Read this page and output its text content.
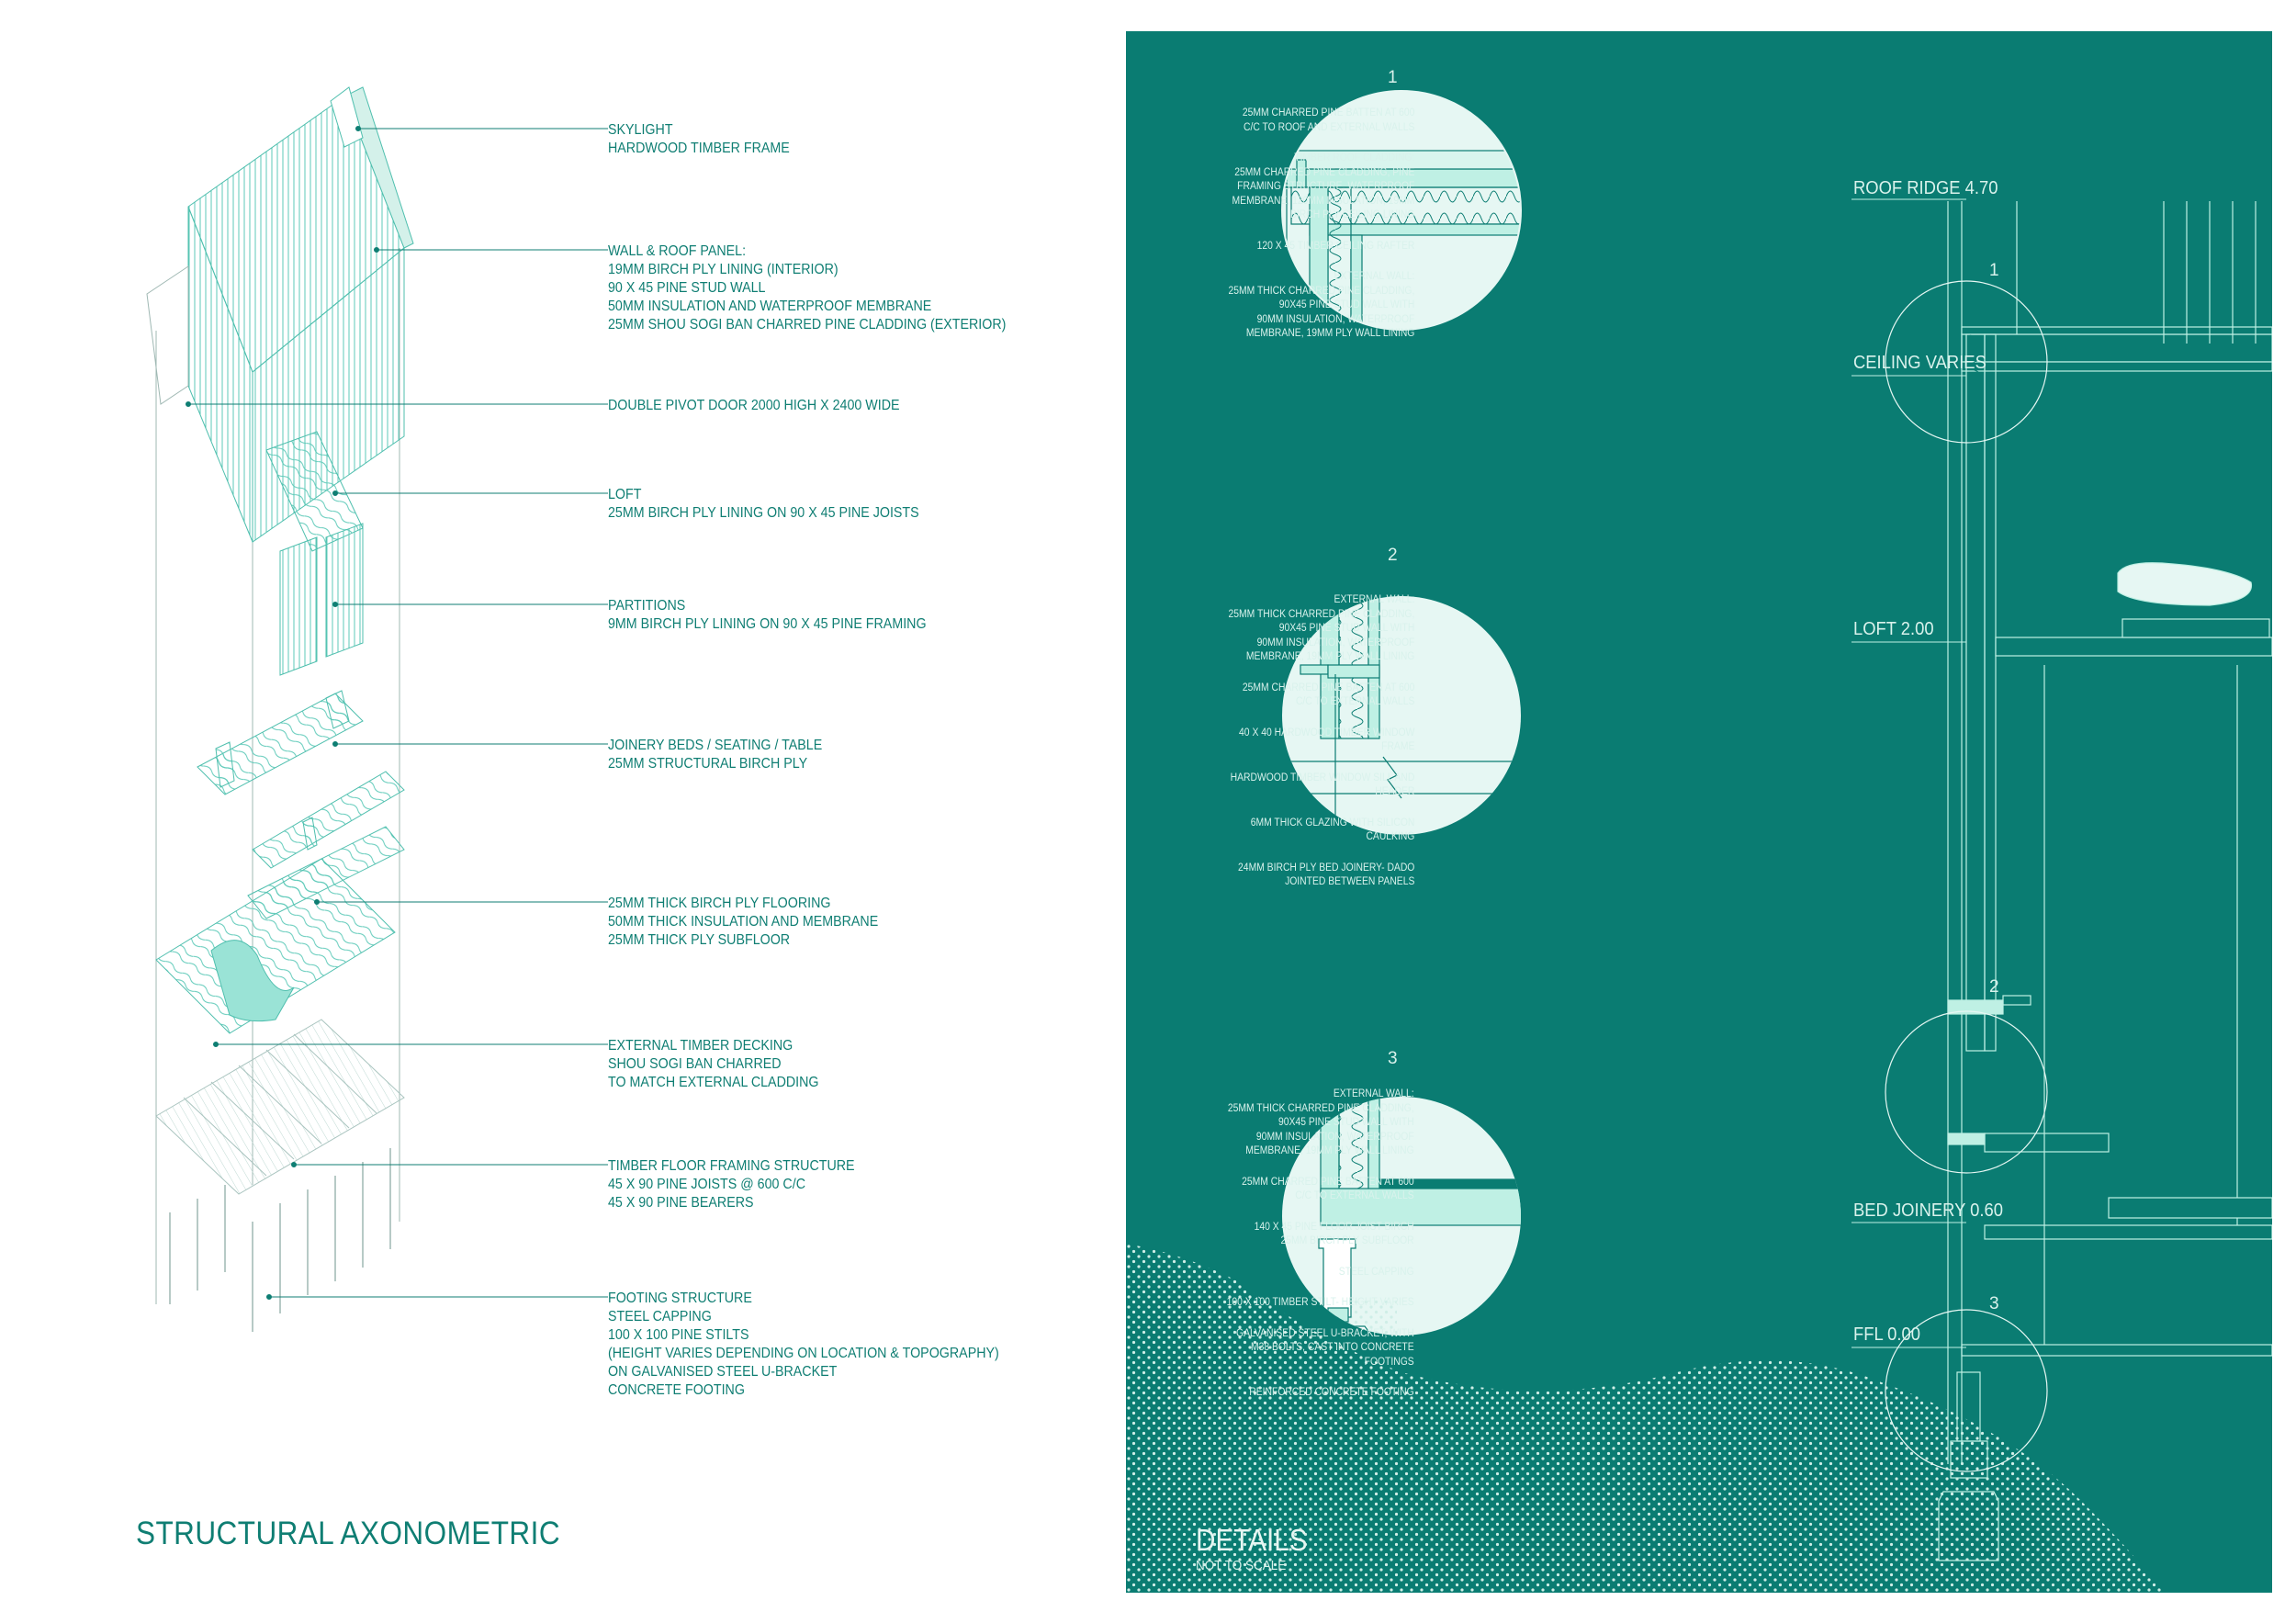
SKYLIGHT
HARDWOOD TIMBER FRAME
WALL & ROOF PANEL:
19MM BIRCH PLY LINING (INTERIOR)
90 X 45 PINE STUD WALL
50MM INSULATION AND WATERPROOF MEMBRANE
25MM SHOU SOGI BAN CHARRED PINE CLADDING (EXTERIOR)
DOUBLE PIVOT DOOR 2000 HIGH X 2400 WIDE
LOFT
25MM BIRCH PLY LINING ON 90 X 45 PINE JOISTS
PARTITIONS
9MM BIRCH PLY LINING ON 90 X 45 PINE FRAMING
JOINERY BEDS / SEATING / TABLE
25MM STRUCTURAL BIRCH PLY
25MM THICK BIRCH PLY FLOORING
50MM THICK INSULATION AND MEMBRANE
25MM THICK PLY SUBFLOOR
EXTERNAL TIMBER DECKING
SHOU SOGI BAN CHARRED
TO MATCH EXTERNAL CLADDING
TIMBER FLOOR FRAMING STRUCTURE
45 X 90 PINE JOISTS @ 600 C/C
45 X 90 PINE BEARERS
FOOTING STRUCTURE
STEEL CAPPING
100 X 100 PINE STILTS
(HEIGHT VARIES DEPENDING ON LOCATION & TOPOGRAPHY)
ON GALVANISED STEEL U-BRACKET
CONCRETE FOOTING
STRUCTURAL AXONOMETRIC
1
2
3
1
2
3

25MM CHARRED PINE BATTEN AT 600
C/C TO ROOF AND EXTERNAL WALLS

TIMBER ROOF CLADDING:
25MM CHARRED PINE CLADDING, PINE
FRAMING STRUCTURE, WATERPROOF
MEMBRANE, 120MM INSULATION, 19MM
BIRCH PLY CEILING LINING

120 X 45 TIMBER CEILING RAFTER

EXTERNAL WALL:
25MM THICK CHARRED PINE CLADDING,
90X45 PINE STUD WALL WITH
90MM INSULATION, WATERPROOF
MEMBRANE, 19MM PLY WALL LINING

EXTERNAL WALL:
25MM THICK CHARRED PINE CLADDING,
90X45 PINE STUD WALL WITH
90MM INSULATION, WATERPROOF
MEMBRANE, 19MM PLY WALL LINING

25MM CHARRED PINE BATTEN AT 600
C/C TO EXTERNAL WALLS

40 X 40 HARDWOOD TIMBER WINDOW
FRAME

HARDWOOD TIMBER WINDOW SILL AND
HEADER

6MM THICK GLAZING WITH SILICON
CAULKING

24MM BIRCH PLY BED JOINERY- DADO
JOINTED BETWEEN PANELS

EXTERNAL WALL:
25MM THICK CHARRED PINE CLADDING,
90X45 PINE STUD WALL WITH
90MM INSULATION, WATERPROOF
MEMBRANE, 19MM PLY WALL LINING

25MM CHARRED PINE BATTEN AT 600
C/C TO EXTERNAL WALLS

140 X 45 PINE FLOOR JOIST BIRCH
25MM BIRCH PLY SUBFLOOR

STEEL CAPPING

100 X 100 TIMBER STILT- HEIGHT VARIES

GALVANISED STEEL U-BRACKET, WITH
M38 BOLTS, CAST INTO CONCRETE
FOOTINGS

REINFORCED CONCRETE FOOTING

ROOF RIDGE 4.70
CEILING VARIES
LOFT 2.00
BED JOINERY 0.60
FFL 0.00
DETAILS
NOT TO SCALE
